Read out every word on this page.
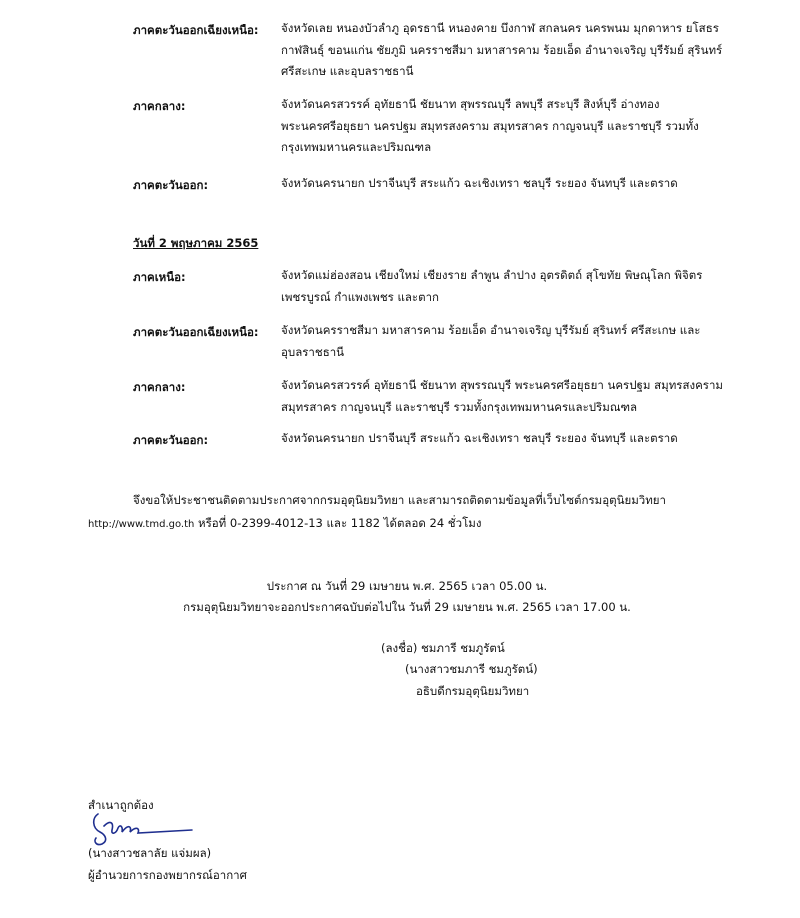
ภาคตะวันออกเฉียงเหนือ: จังหวัดเลย หนองบัวลำภู อุดรธานี หนองคาย บึงกาฬ สกลนคร นครพนม มุกดาหาร ยโสธร
กาฬสินธุ์ ขอนแก่น ชัยภูมิ นครราชสีมา มหาสารคาม ร้อยเอ็ด อำนาจเจริญ บุรีรัมย์ สุรินทร์
ศรีสะเกษ และอุบลราชธานี
ภาคกลาง:	จังหวัดนครสวรรค์ อุทัยธานี ชัยนาท สุพรรณบุรี ลพบุรี สระบุรี สิงห์บุรี อ่างทอง
พระนครศรีอยุธยา นครปฐม สมุทรสงคราม สมุทรสาคร กาญจนบุรี และราชบุรี รวมทั้ง
กรุงเทพมหานครและปริมณฑล
ภาคตะวันออก:	จังหวัดนครนายก ปราจีนบุรี สระแก้ว ฉะเชิงเทรา ชลบุรี ระยอง จันทบุรี และตราด
วันที่ 2 พฤษภาคม 2565
ภาคเหนือ:	จังหวัดแม่ฮ่องสอน เชียงใหม่ เชียงราย ลำพูน ลำปาง อุตรดิตถ์ สุโขทัย พิษณุโลก พิจิตร
เพชรบูรณ์ กำแพงเพชร และตาก
ภาคตะวันออกเฉียงเหนือ: จังหวัดนครราชสีมา มหาสารคาม ร้อยเอ็ด อำนาจเจริญ บุรีรัมย์ สุรินทร์ ศรีสะเกษ และ
อุบลราชธานี
ภาคกลาง:	จังหวัดนครสวรรค์ อุทัยธานี ชัยนาท สุพรรณบุรี พระนครศรีอยุธยา นครปฐม สมุทรสงคราม
สมุทรสาคร กาญจนบุรี และราชบุรี รวมทั้งกรุงเทพมหานครและปริมณฑล
ภาคตะวันออก:	จังหวัดนครนายก ปราจีนบุรี สระแก้ว ฉะเชิงเทรา ชลบุรี ระยอง จันทบุรี และตราด
จึงขอให้ประชาชนติดตามประกาศจากกรมอุตุนิยมวิทยา และสามารถติดตามข้อมูลที่เว็บไซต์กรมอุตุนิยมวิทยา
http://www.tmd.go.th หรือที่ 0-2399-4012-13 และ 1182 ได้ตลอด 24 ชั่วโมง
ประกาศ ณ วันที่ 29 เมษายน พ.ศ. 2565 เวลา 05.00 น.
กรมอุตุนิยมวิทยาจะออกประกาศฉบับต่อไปใน วันที่ 29 เมษายน พ.ศ. 2565 เวลา 17.00 น.
(ลงชื่อ) ชมภารี ชมภูรัตน์
(นางสาวชมภารี ชมภูรัตน์)
อธิบดีกรมอุตุนิยมวิทยา
สำเนาถูกต้อง
(นางสาวชลาลัย แจ่มผล)
ผู้อำนวยการกองพยากรณ์อากาศ
